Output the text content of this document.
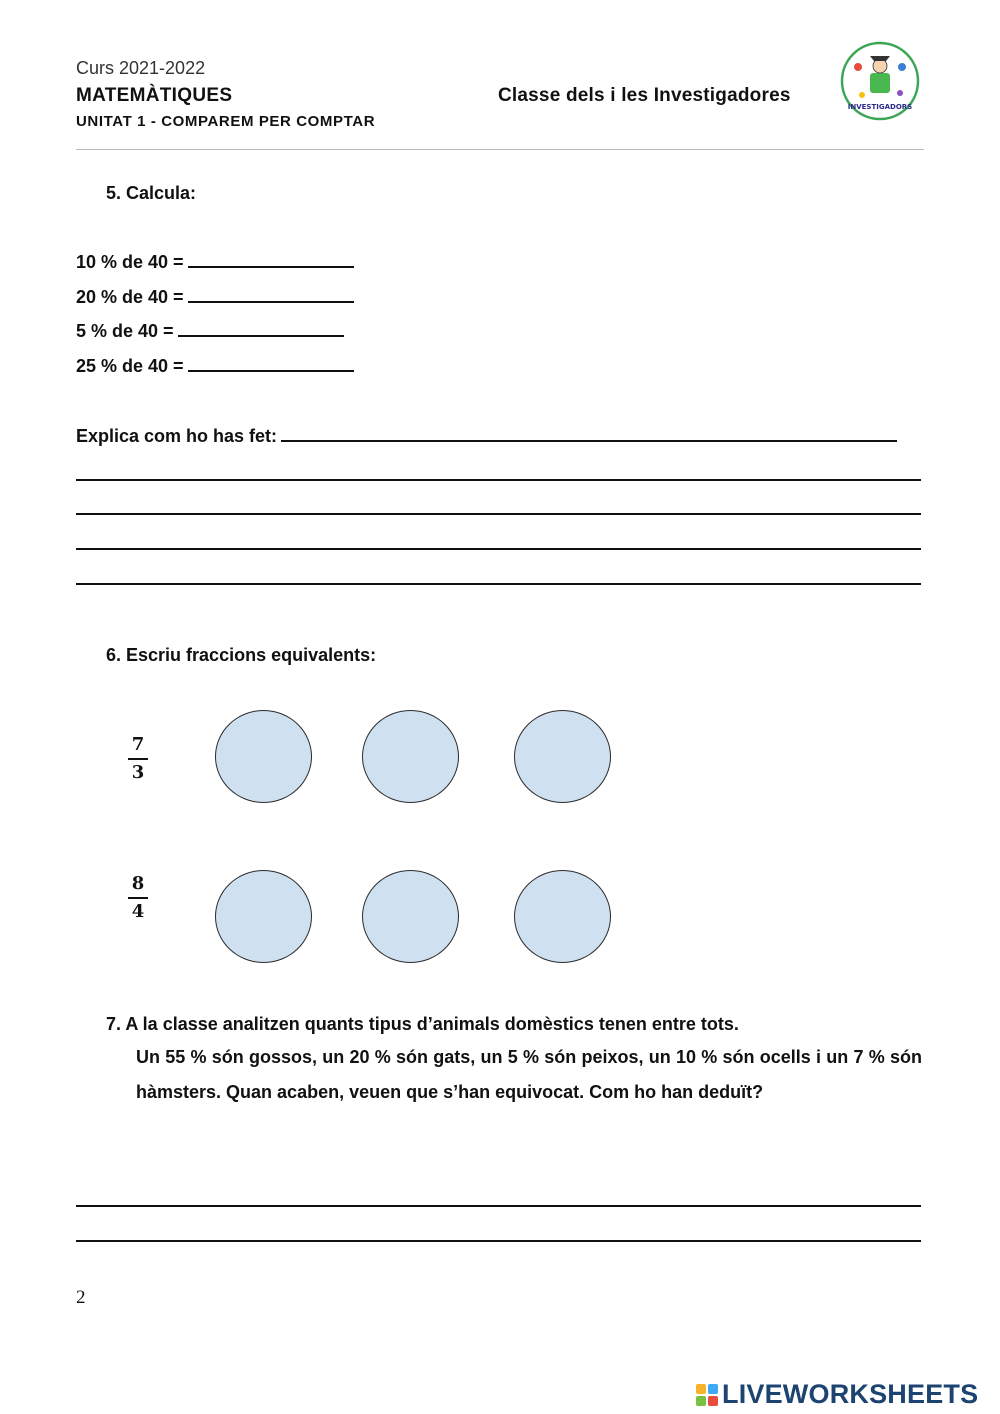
Curs 2021-2022
MATEMÀTIQUES
UNITAT 1 - COMPAREM PER COMPTAR
Classe dels i les Investigadores
INVESTIGADORS
5. Calcula:
10 % de 40 =
20 % de 40 =
5 % de 40 =
25 % de 40 =
Explica com ho has fet:
6. Escriu fraccions equivalents:
7
3
8
4
7. A la classe analitzen quants tipus d’animals domèstics tenen entre tots.
Un 55 % són gossos, un 20 % són gats, un 5 % són peixos, un 10 % són ocells i un 7 % són hàmsters. Quan acaben, veuen que s’han equivocat. Com ho han deduït?
2
LIVEWORKSHEETS
